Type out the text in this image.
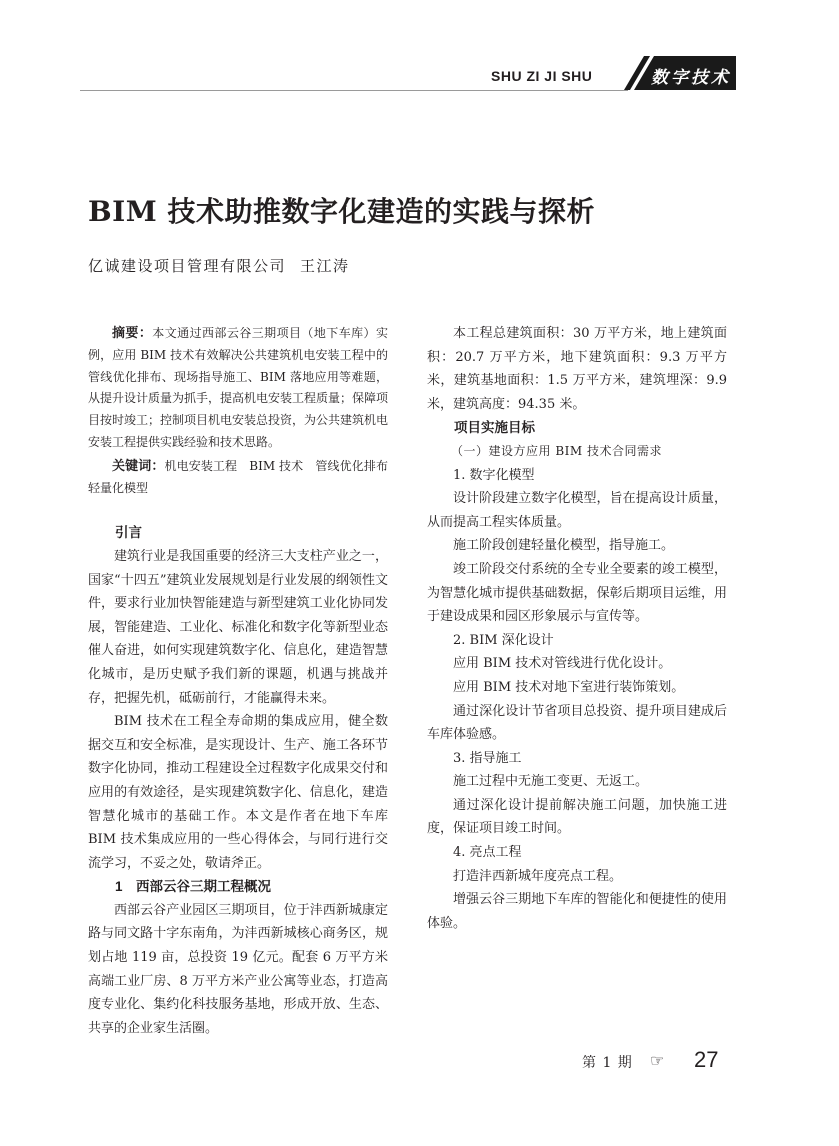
SHU ZI JI SHU	数字技术
BIM 技术助推数字化建造的实践与探析
亿诚建设项目管理有限公司 王江涛

摘要：本文通过西部云谷三期项目（地下车库）实例，应用 BIM 技术有效解决公共建筑机电安装工程中的管线优化排布、现场指导施工、BIM 落地应用等难题，从提升设计质量为抓手，提高机电安装工程质量；保障项目按时竣工；控制项目机电安装总投资，为公共建筑机电安装工程提供实践经验和技术思路。

关键词：机电安装工程　BIM 技术　管线优化排布　轻量化模型

引言

建筑行业是我国重要的经济三大支柱产业之一，国家“十四五”建筑业发展规划是行业发展的纲领性文件，要求行业加快智能建造与新型建筑工业化协同发展，智能建造、工业化、标准化和数字化等新型业态催人奋进，如何实现建筑数字化、信息化，建造智慧化城市，是历史赋予我们新的课题，机遇与挑战并存，把握先机，砥砺前行，才能赢得未来。

BIM 技术在工程全寿命期的集成应用，健全数据交互和安全标准，是实现设计、生产、施工各环节数字化协同，推动工程建设全过程数字化成果交付和应用的有效途径，是实现建筑数字化、信息化，建造智慧化城市的基础工作。本文是作者在地下车库 BIM 技术集成应用的一些心得体会，与同行进行交流学习，不妥之处，敬请斧正。

1　西部云谷三期工程概况

西部云谷产业园区三期项目，位于沣西新城康定路与同文路十字东南角，为沣西新城核心商务区，规划占地 119 亩，总投资 19 亿元。配套 6 万平方米高端工业厂房、8 万平方米产业公寓等业态，打造高度专业化、集约化科技服务基地，形成开放、生态、共享的企业家生活圈。

本工程总建筑面积：30 万平方米，地上建筑面积：20.7 万平方米，地下建筑面积：9.3 万平方米，建筑基地面积：1.5 万平方米，建筑埋深：9.9 米，建筑高度：94.35 米。

项目实施目标

（一）建设方应用 BIM 技术合同需求

1. 数字化模型

设计阶段建立数字化模型，旨在提高设计质量，从而提高工程实体质量。

施工阶段创建轻量化模型，指导施工。

竣工阶段交付系统的全专业全要素的竣工模型，为智慧化城市提供基础数据，保彰后期项目运维，用于建设成果和园区形象展示与宣传等。

2. BIM 深化设计

应用 BIM 技术对管线进行优化设计。

应用 BIM 技术对地下室进行装饰策划。

通过深化设计节省项目总投资、提升项目建成后车库体验感。

3. 指导施工

施工过程中无施工变更、无返工。

通过深化设计提前解决施工问题，加快施工进度，保证项目竣工时间。

4. 亮点工程

打造沣西新城年度亮点工程。

增强云谷三期地下车库的智能化和便捷性的使用体验。

第 1 期 ☞ 27
